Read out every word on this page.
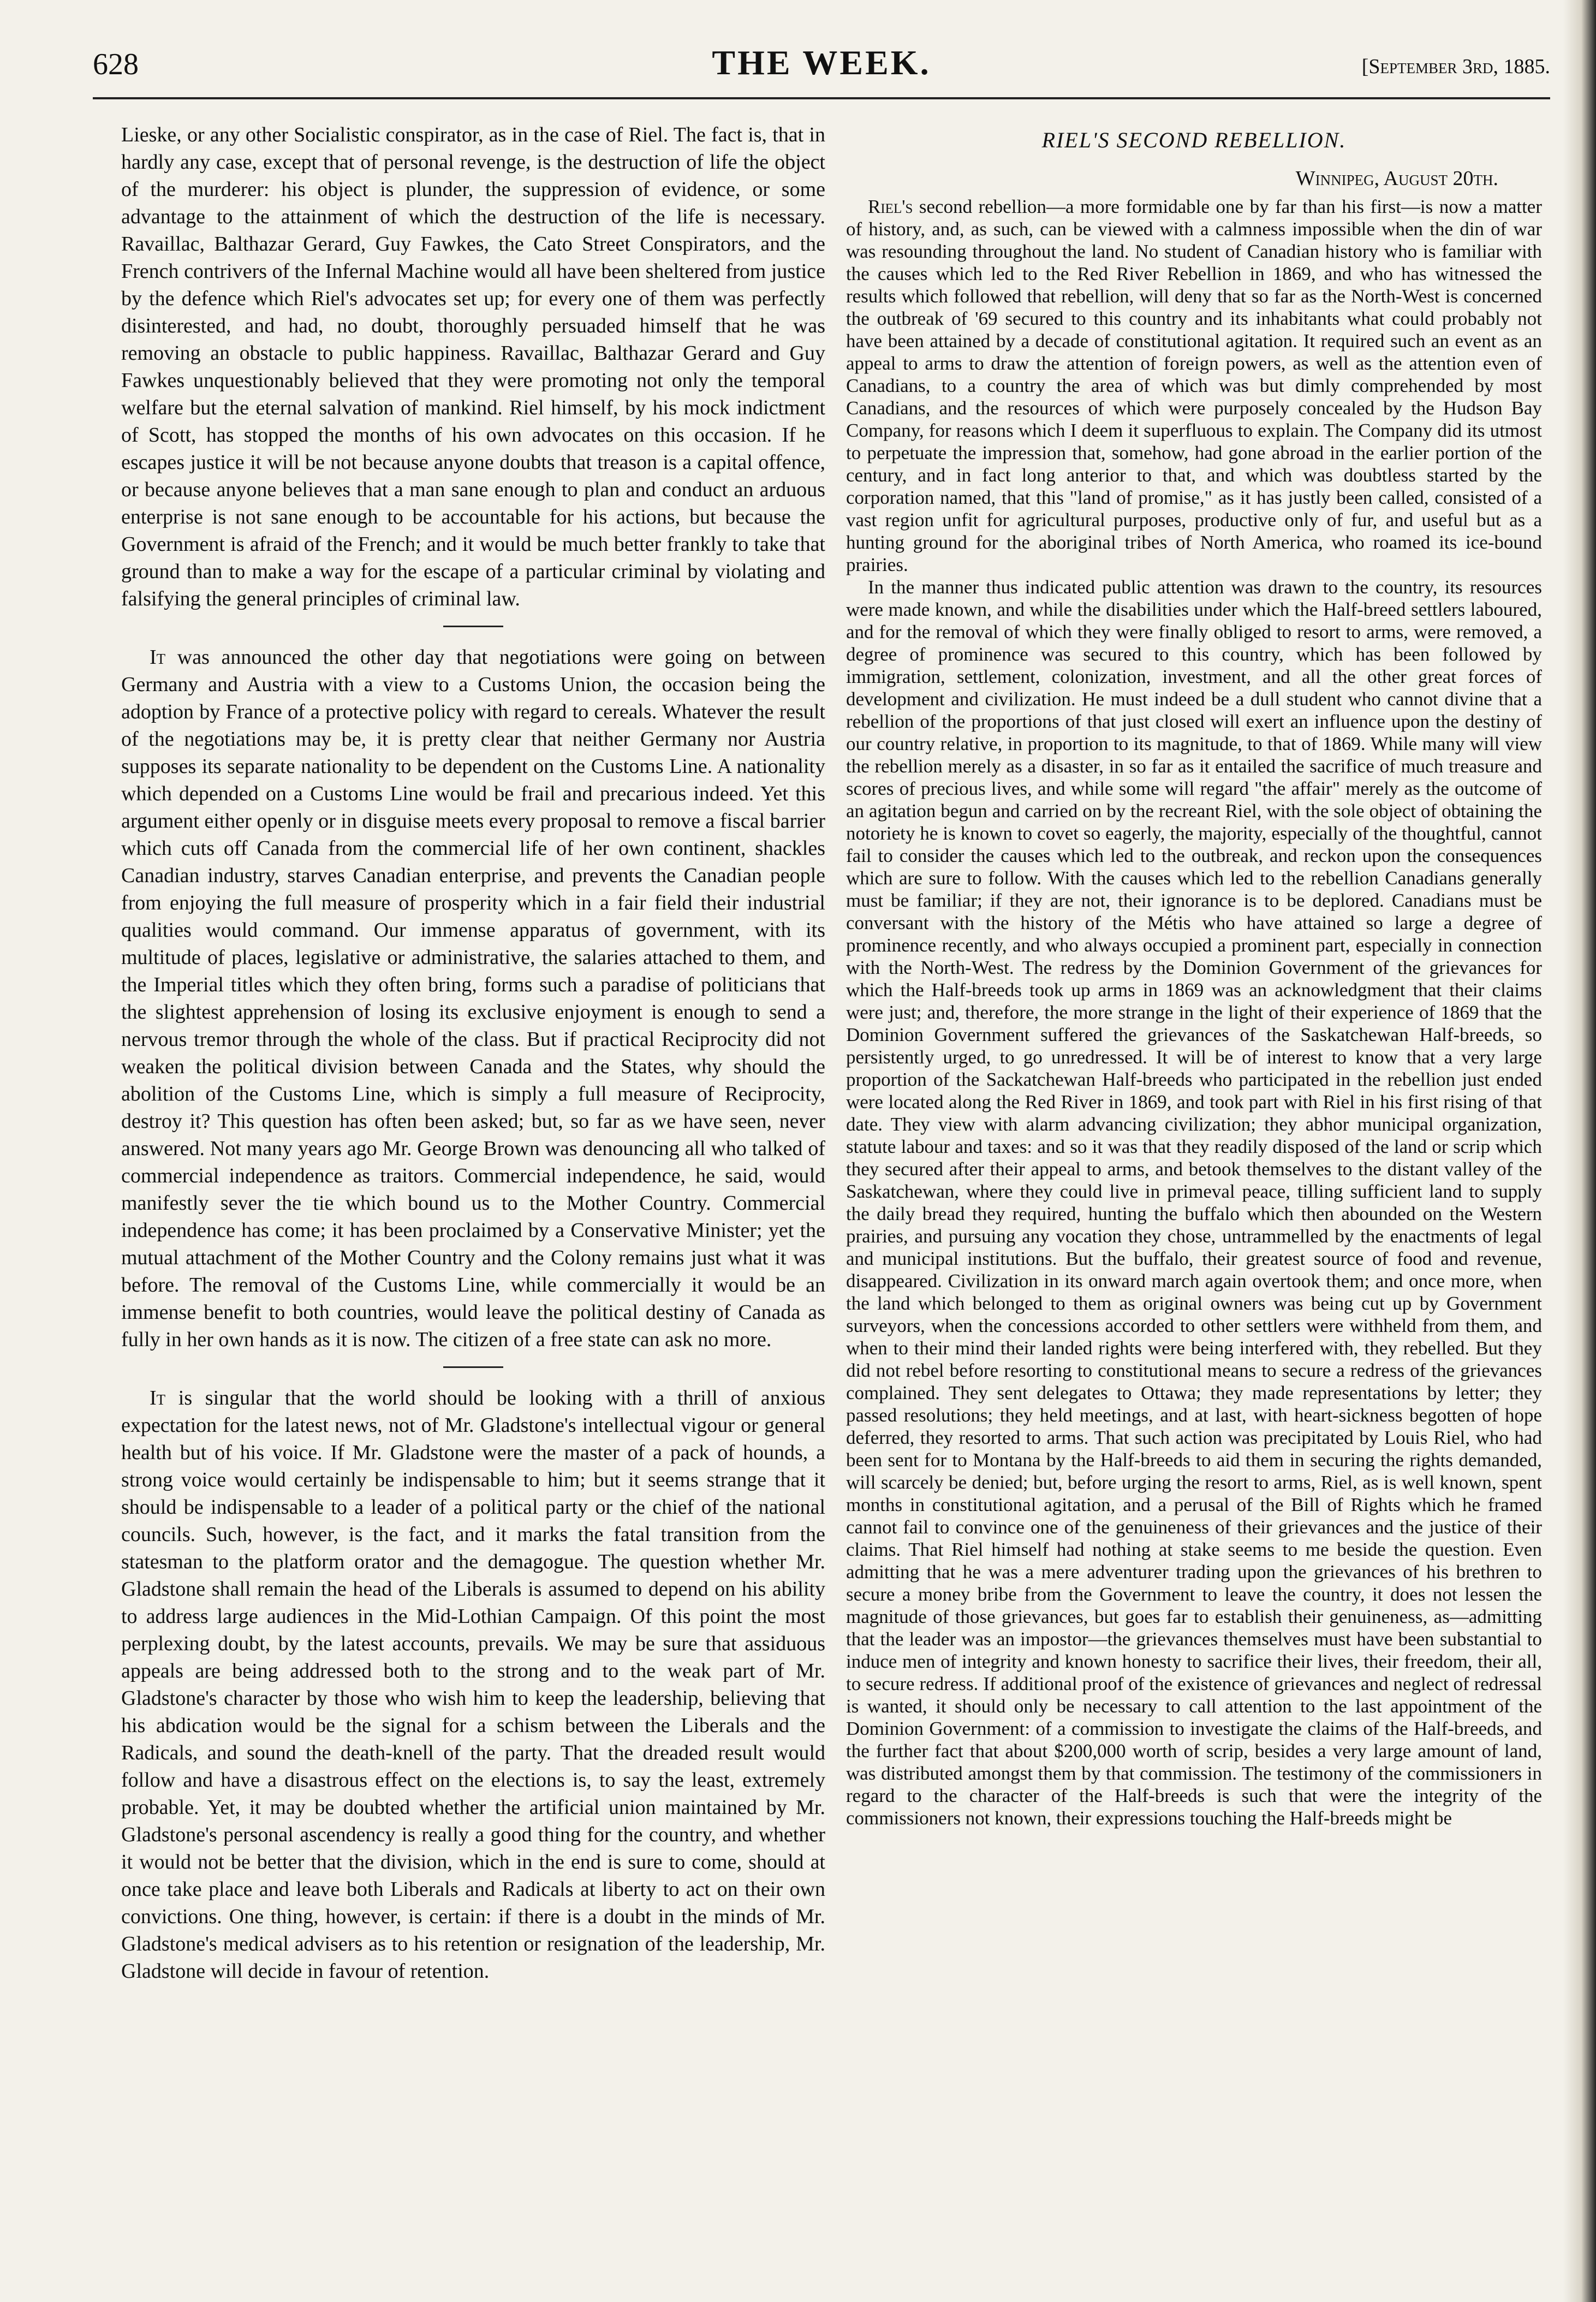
628	THE WEEK.	[September 3rd, 1885.

Lieske, or any other Socialistic conspirator, as in the case of Riel. The fact is, that in hardly any case, except that of personal revenge, is the destruction of life the object of the murderer: his object is plunder, the suppression of evidence, or some advantage to the attainment of which the destruction of the life is necessary. Ravaillac, Balthazar Gerard, Guy Fawkes, the Cato Street Conspirators, and the French contrivers of the Infernal Machine would all have been sheltered from justice by the defence which Riel's advocates set up; for every one of them was perfectly disinterested, and had, no doubt, thoroughly persuaded himself that he was removing an obstacle to public happiness. Ravaillac, Balthazar Gerard and Guy Fawkes unquestionably believed that they were promoting not only the temporal welfare but the eternal salvation of mankind. Riel himself, by his mock indictment of Scott, has stopped the months of his own advocates on this occasion. If he escapes justice it will be not because anyone doubts that treason is a capital offence, or because anyone believes that a man sane enough to plan and conduct an arduous enterprise is not sane enough to be accountable for his actions, but because the Government is afraid of the French; and it would be much better frankly to take that ground than to make a way for the escape of a particular criminal by violating and falsifying the general principles of criminal law.

It was announced the other day that negotiations were going on between Germany and Austria with a view to a Customs Union, the occasion being the adoption by France of a protective policy with regard to cereals. Whatever the result of the negotiations may be, it is pretty clear that neither Germany nor Austria supposes its separate nationality to be dependent on the Customs Line. A nationality which depended on a Customs Line would be frail and precarious indeed. Yet this argument either openly or in disguise meets every proposal to remove a fiscal barrier which cuts off Canada from the commercial life of her own continent, shackles Canadian industry, starves Canadian enterprise, and prevents the Canadian people from enjoying the full measure of prosperity which in a fair field their industrial qualities would command. Our immense apparatus of government, with its multitude of places, legislative or administrative, the salaries attached to them, and the Imperial titles which they often bring, forms such a paradise of politicians that the slightest apprehension of losing its exclusive enjoyment is enough to send a nervous tremor through the whole of the class. But if practical Reciprocity did not weaken the political division between Canada and the States, why should the abolition of the Customs Line, which is simply a full measure of Reciprocity, destroy it? This question has often been asked; but, so far as we have seen, never answered. Not many years ago Mr. George Brown was denouncing all who talked of commercial independence as traitors. Commercial independence, he said, would manifestly sever the tie which bound us to the Mother Country. Commercial independence has come; it has been proclaimed by a Conservative Minister; yet the mutual attachment of the Mother Country and the Colony remains just what it was before. The removal of the Customs Line, while commercially it would be an immense benefit to both countries, would leave the political destiny of Canada as fully in her own hands as it is now. The citizen of a free state can ask no more.

It is singular that the world should be looking with a thrill of anxious expectation for the latest news, not of Mr. Gladstone's intellectual vigour or general health but of his voice. If Mr. Gladstone were the master of a pack of hounds, a strong voice would certainly be indispensable to him; but it seems strange that it should be indispensable to a leader of a political party or the chief of the national councils. Such, however, is the fact, and it marks the fatal transition from the statesman to the platform orator and the demagogue. The question whether Mr. Gladstone shall remain the head of the Liberals is assumed to depend on his ability to address large audiences in the Mid-Lothian Campaign. Of this point the most perplexing doubt, by the latest accounts, prevails. We may be sure that assiduous appeals are being addressed both to the strong and to the weak part of Mr. Gladstone's character by those who wish him to keep the leadership, believing that his abdication would be the signal for a schism between the Liberals and the Radicals, and sound the death-knell of the party. That the dreaded result would follow and have a disastrous effect on the elections is, to say the least, extremely probable. Yet, it may be doubted whether the artificial union maintained by Mr. Gladstone's personal ascendency is really a good thing for the country, and whether it would not be better that the division, which in the end is sure to come, should at once take place and leave both Liberals and Radicals at liberty to act on their own convictions. One thing, however, is certain: if there is a doubt in the minds of Mr. Gladstone's medical advisers as to his retention or resignation of the leadership, Mr. Gladstone will decide in favour of retention.

RIEL'S SECOND REBELLION.
Winnipeg, August 20th.

Riel's second rebellion—a more formidable one by far than his first—is now a matter of history, and, as such, can be viewed with a calmness impossible when the din of war was resounding throughout the land. No student of Canadian history who is familiar with the causes which led to the Red River Rebellion in 1869, and who has witnessed the results which followed that rebellion, will deny that so far as the North-West is concerned the outbreak of '69 secured to this country and its inhabitants what could probably not have been attained by a decade of constitutional agitation. It required such an event as an appeal to arms to draw the attention of foreign powers, as well as the attention even of Canadians, to a country the area of which was but dimly comprehended by most Canadians, and the resources of which were purposely concealed by the Hudson Bay Company, for reasons which I deem it superfluous to explain. The Company did its utmost to perpetuate the impression that, somehow, had gone abroad in the earlier portion of the century, and in fact long anterior to that, and which was doubtless started by the corporation named, that this "land of promise," as it has justly been called, consisted of a vast region unfit for agricultural purposes, productive only of fur, and useful but as a hunting ground for the aboriginal tribes of North America, who roamed its ice-bound prairies.

In the manner thus indicated public attention was drawn to the country, its resources were made known, and while the disabilities under which the Half-breed settlers laboured, and for the removal of which they were finally obliged to resort to arms, were removed, a degree of prominence was secured to this country, which has been followed by immigration, settlement, colonization, investment, and all the other great forces of development and civilization. He must indeed be a dull student who cannot divine that a rebellion of the proportions of that just closed will exert an influence upon the destiny of our country relative, in proportion to its magnitude, to that of 1869. While many will view the rebellion merely as a disaster, in so far as it entailed the sacrifice of much treasure and scores of precious lives, and while some will regard "the affair" merely as the outcome of an agitation begun and carried on by the recreant Riel, with the sole object of obtaining the notoriety he is known to covet so eagerly, the majority, especially of the thoughtful, cannot fail to consider the causes which led to the outbreak, and reckon upon the consequences which are sure to follow. With the causes which led to the rebellion Canadians generally must be familiar; if they are not, their ignorance is to be deplored. Canadians must be conversant with the history of the Métis who have attained so large a degree of prominence recently, and who always occupied a prominent part, especially in connection with the North-West. The redress by the Dominion Government of the grievances for which the Half-breeds took up arms in 1869 was an acknowledgment that their claims were just; and, therefore, the more strange in the light of their experience of 1869 that the Dominion Government suffered the grievances of the Saskatchewan Half-breeds, so persistently urged, to go unredressed. It will be of interest to know that a very large proportion of the Sackatchewan Half-breeds who participated in the rebellion just ended were located along the Red River in 1869, and took part with Riel in his first rising of that date. They view with alarm advancing civilization; they abhor municipal organization, statute labour and taxes: and so it was that they readily disposed of the land or scrip which they secured after their appeal to arms, and betook themselves to the distant valley of the Saskatchewan, where they could live in primeval peace, tilling sufficient land to supply the daily bread they required, hunting the buffalo which then abounded on the Western prairies, and pursuing any vocation they chose, untrammelled by the enactments of legal and municipal institutions. But the buffalo, their greatest source of food and revenue, disappeared. Civilization in its onward march again overtook them; and once more, when the land which belonged to them as original owners was being cut up by Government surveyors, when the concessions accorded to other settlers were withheld from them, and when to their mind their landed rights were being interfered with, they rebelled. But they did not rebel before resorting to constitutional means to secure a redress of the grievances complained. They sent delegates to Ottawa; they made representations by letter; they passed resolutions; they held meetings, and at last, with heart-sickness begotten of hope deferred, they resorted to arms. That such action was precipitated by Louis Riel, who had been sent for to Montana by the Half-breeds to aid them in securing the rights demanded, will scarcely be denied; but, before urging the resort to arms, Riel, as is well known, spent months in constitutional agitation, and a perusal of the Bill of Rights which he framed cannot fail to convince one of the genuineness of their grievances and the justice of their claims. That Riel himself had nothing at stake seems to me beside the question. Even admitting that he was a mere adventurer trading upon the grievances of his brethren to secure a money bribe from the Government to leave the country, it does not lessen the magnitude of those grievances, but goes far to establish their genuineness, as—admitting that the leader was an impostor—the grievances themselves must have been substantial to induce men of integrity and known honesty to sacrifice their lives, their freedom, their all, to secure redress. If additional proof of the existence of grievances and neglect of redressal is wanted, it should only be necessary to call attention to the last appointment of the Dominion Government: of a commission to investigate the claims of the Half-breeds, and the further fact that about $200,000 worth of scrip, besides a very large amount of land, was distributed amongst them by that commission. The testimony of the commissioners in regard to the character of the Half-breeds is such that were the integrity of the commissioners not known, their expressions touching the Half-breeds might be
